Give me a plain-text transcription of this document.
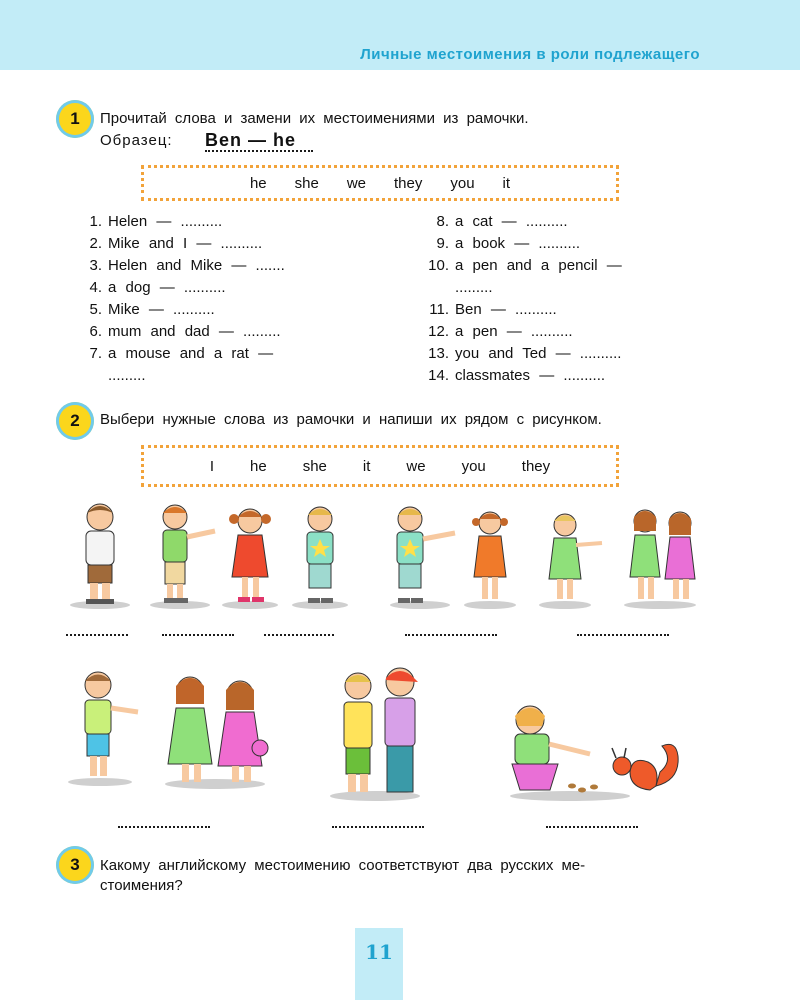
Личные местоимения в роли подлежащего
1	Прочитай слова и замени их местоимениями из рамочки.
Образец: Ben — he
he she we they you it
1. Helen — ..........
2. Mike and I — ..........
3. Helen and Mike — .......
4. a dog — ..........
5. Mike — ..........
6. mum and dad — .........
7. a mouse and a rat —
.........
8. a cat — ..........
9. a book — ..........
10. a pen and a pencil —
.........
11. Ben — ..........
12. a pen — ..........
13. you and Ted — ..........
14. classmates — ..........
2	Выбери нужные слова из рамочки и напиши их рядом с рисунком.
I he she it we you they
3	Какому английскому местоимению соответствуют два русских ме-
стоимения?
11
